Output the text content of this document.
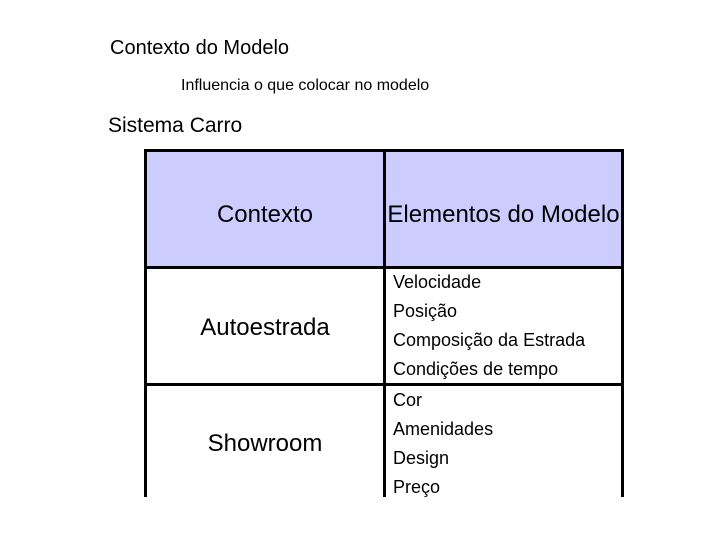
Contexto do Modelo
Influencia o que colocar no modelo
Sistema Carro
Contexto	Elementos do Modelo
Autoestrada
Velocidade
Posição
Composição da Estrada
Condições de tempo
Showroom
Cor
Amenidades
Design
Preço
